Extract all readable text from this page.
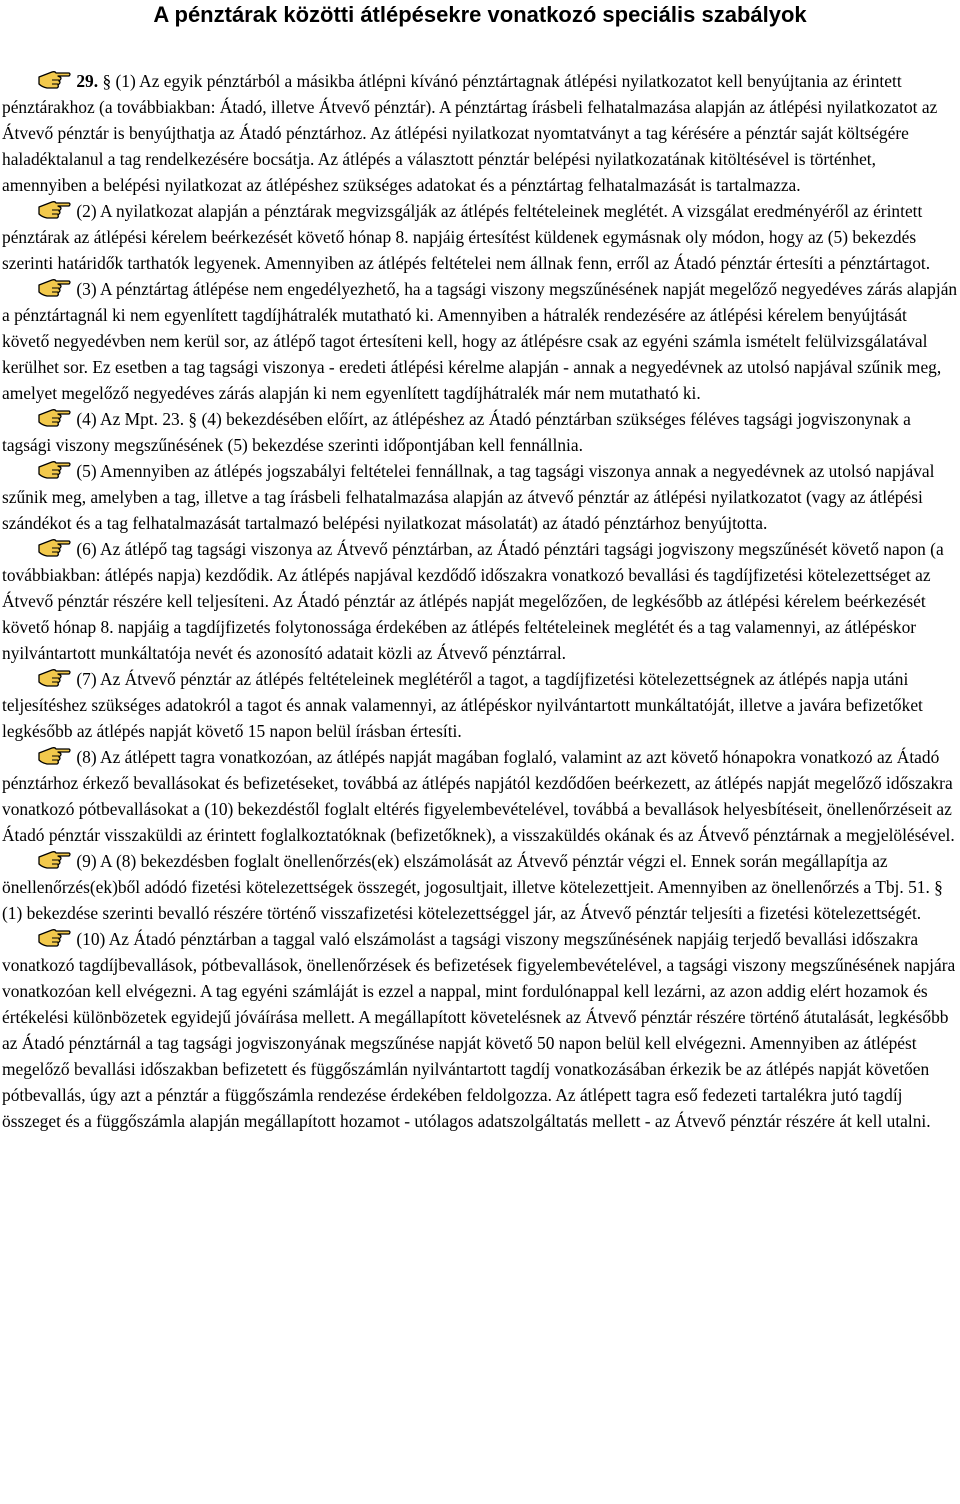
A pénztárak közötti átlépésekre vonatkozó speciális szabályok

29. § (1) Az egyik pénztárból a másikba átlépni kívánó pénztártagnak átlépési nyilatkozatot kell benyújtania az érintett pénztárakhoz (a továbbiakban: Átadó, illetve Átvevő pénztár). A pénztártag írásbeli felhatalmazása alapján az átlépési nyilatkozatot az Átvevő pénztár is benyújthatja az Átadó pénztárhoz. Az átlépési nyilatkozat nyomtatványt a tag kérésére a pénztár saját költségére haladéktalanul a tag rendelkezésére bocsátja. Az átlépés a választott pénztár belépési nyilatkozatának kitöltésével is történhet, amennyiben a belépési nyilatkozat az átlépéshez szükséges adatokat és a pénztártag felhatalmazását is tartalmazza.

(2) A nyilatkozat alapján a pénztárak megvizsgálják az átlépés feltételeinek meglétét. A vizsgálat eredményéről az érintett pénztárak az átlépési kérelem beérkezését követő hónap 8. napjáig értesítést küldenek egymásnak oly módon, hogy az (5) bekezdés szerinti határidők tarthatók legyenek. Amennyiben az átlépés feltételei nem állnak fenn, erről az Átadó pénztár értesíti a pénztártagot.

(3) A pénztártag átlépése nem engedélyezhető, ha a tagsági viszony megszűnésének napját megelőző negyedéves zárás alapján a pénztártagnál ki nem egyenlített tagdíjhátralék mutatható ki. Amennyiben a hátralék rendezésére az átlépési kérelem benyújtását követő negyedévben nem kerül sor, az átlépő tagot értesíteni kell, hogy az átlépésre csak az egyéni számla ismételt felülvizsgálatával kerülhet sor. Ez esetben a tag tagsági viszonya - eredeti átlépési kérelme alapján - annak a negyedévnek az utolsó napjával szűnik meg, amelyet megelőző negyedéves zárás alapján ki nem egyenlített tagdíjhátralék már nem mutatható ki.

(4) Az Mpt. 23. § (4) bekezdésében előírt, az átlépéshez az Átadó pénztárban szükséges féléves tagsági jogviszonynak a tagsági viszony megszűnésének (5) bekezdése szerinti időpontjában kell fennállnia.

(5) Amennyiben az átlépés jogszabályi feltételei fennállnak, a tag tagsági viszonya annak a negyedévnek az utolsó napjával szűnik meg, amelyben a tag, illetve a tag írásbeli felhatalmazása alapján az átvevő pénztár az átlépési nyilatkozatot (vagy az átlépési szándékot és a tag felhatalmazását tartalmazó belépési nyilatkozat másolatát) az átadó pénztárhoz benyújtotta.

(6) Az átlépő tag tagsági viszonya az Átvevő pénztárban, az Átadó pénztári tagsági jogviszony megszűnését követő napon (a továbbiakban: átlépés napja) kezdődik. Az átlépés napjával kezdődő időszakra vonatkozó bevallási és tagdíjfizetési kötelezettséget az Átvevő pénztár részére kell teljesíteni. Az Átadó pénztár az átlépés napját megelőzően, de legkésőbb az átlépési kérelem beérkezését követő hónap 8. napjáig a tagdíjfizetés folytonossága érdekében az átlépés feltételeinek meglétét és a tag valamennyi, az átlépéskor nyilvántartott munkáltatója nevét és azonosító adatait közli az Átvevő pénztárral.

(7) Az Átvevő pénztár az átlépés feltételeinek meglétéről a tagot, a tagdíjfizetési kötelezettségnek az átlépés napja utáni teljesítéshez szükséges adatokról a tagot és annak valamennyi, az átlépéskor nyilvántartott munkáltatóját, illetve a javára befizetőket legkésőbb az átlépés napját követő 15 napon belül írásban értesíti.

(8) Az átlépett tagra vonatkozóan, az átlépés napját magában foglaló, valamint az azt követő hónapokra vonatkozó az Átadó pénztárhoz érkező bevallásokat és befizetéseket, továbbá az átlépés napjától kezdődően beérkezett, az átlépés napját megelőző időszakra vonatkozó pótbevallásokat a (10) bekezdéstől foglalt eltérés figyelembevételével, továbbá a bevallások helyesbítéseit, önellenőrzéseit az Átadó pénztár visszaküldi az érintett foglalkoztatóknak (befizetőknek), a visszaküldés okának és az Átvevő pénztárnak a megjelölésével.

(9) A (8) bekezdésben foglalt önellenőrzés(ek) elszámolását az Átvevő pénztár végzi el. Ennek során megállapítja az önellenőrzés(ek)ből adódó fizetési kötelezettségek összegét, jogosultjait, illetve kötelezettjeit. Amennyiben az önellenőrzés a Tbj. 51. § (1) bekezdése szerinti bevalló részére történő visszafizetési kötelezettséggel jár, az Átvevő pénztár teljesíti a fizetési kötelezettségét.

(10) Az Átadó pénztárban a taggal való elszámolást a tagsági viszony megszűnésének napjáig terjedő bevallási időszakra vonatkozó tagdíjbevallások, pótbevallások, önellenőrzések és befizetések figyelembevételével, a tagsági viszony megszűnésének napjára vonatkozóan kell elvégezni. A tag egyéni számláját is ezzel a nappal, mint fordulónappal kell lezárni, az azon addig elért hozamok és értékelési különbözetek egyidejű jóváírása mellett. A megállapított követelésnek az Átvevő pénztár részére történő átutalását, legkésőbb az Átadó pénztárnál a tag tagsági jogviszonyának megszűnése napját követő 50 napon belül kell elvégezni. Amennyiben az átlépést megelőző bevallási időszakban befizetett és függőszámlán nyilvántartott tagdíj vonatkozásában érkezik be az átlépés napját követően pótbevallás, úgy azt a pénztár a függőszámla rendezése érdekében feldolgozza. Az átlépett tagra eső fedezeti tartalékra jutó tagdíj összeget és a függőszámla alapján megállapított hozamot - utólagos adatszolgáltatás mellett - az Átvevő pénztár részére át kell utalni.
